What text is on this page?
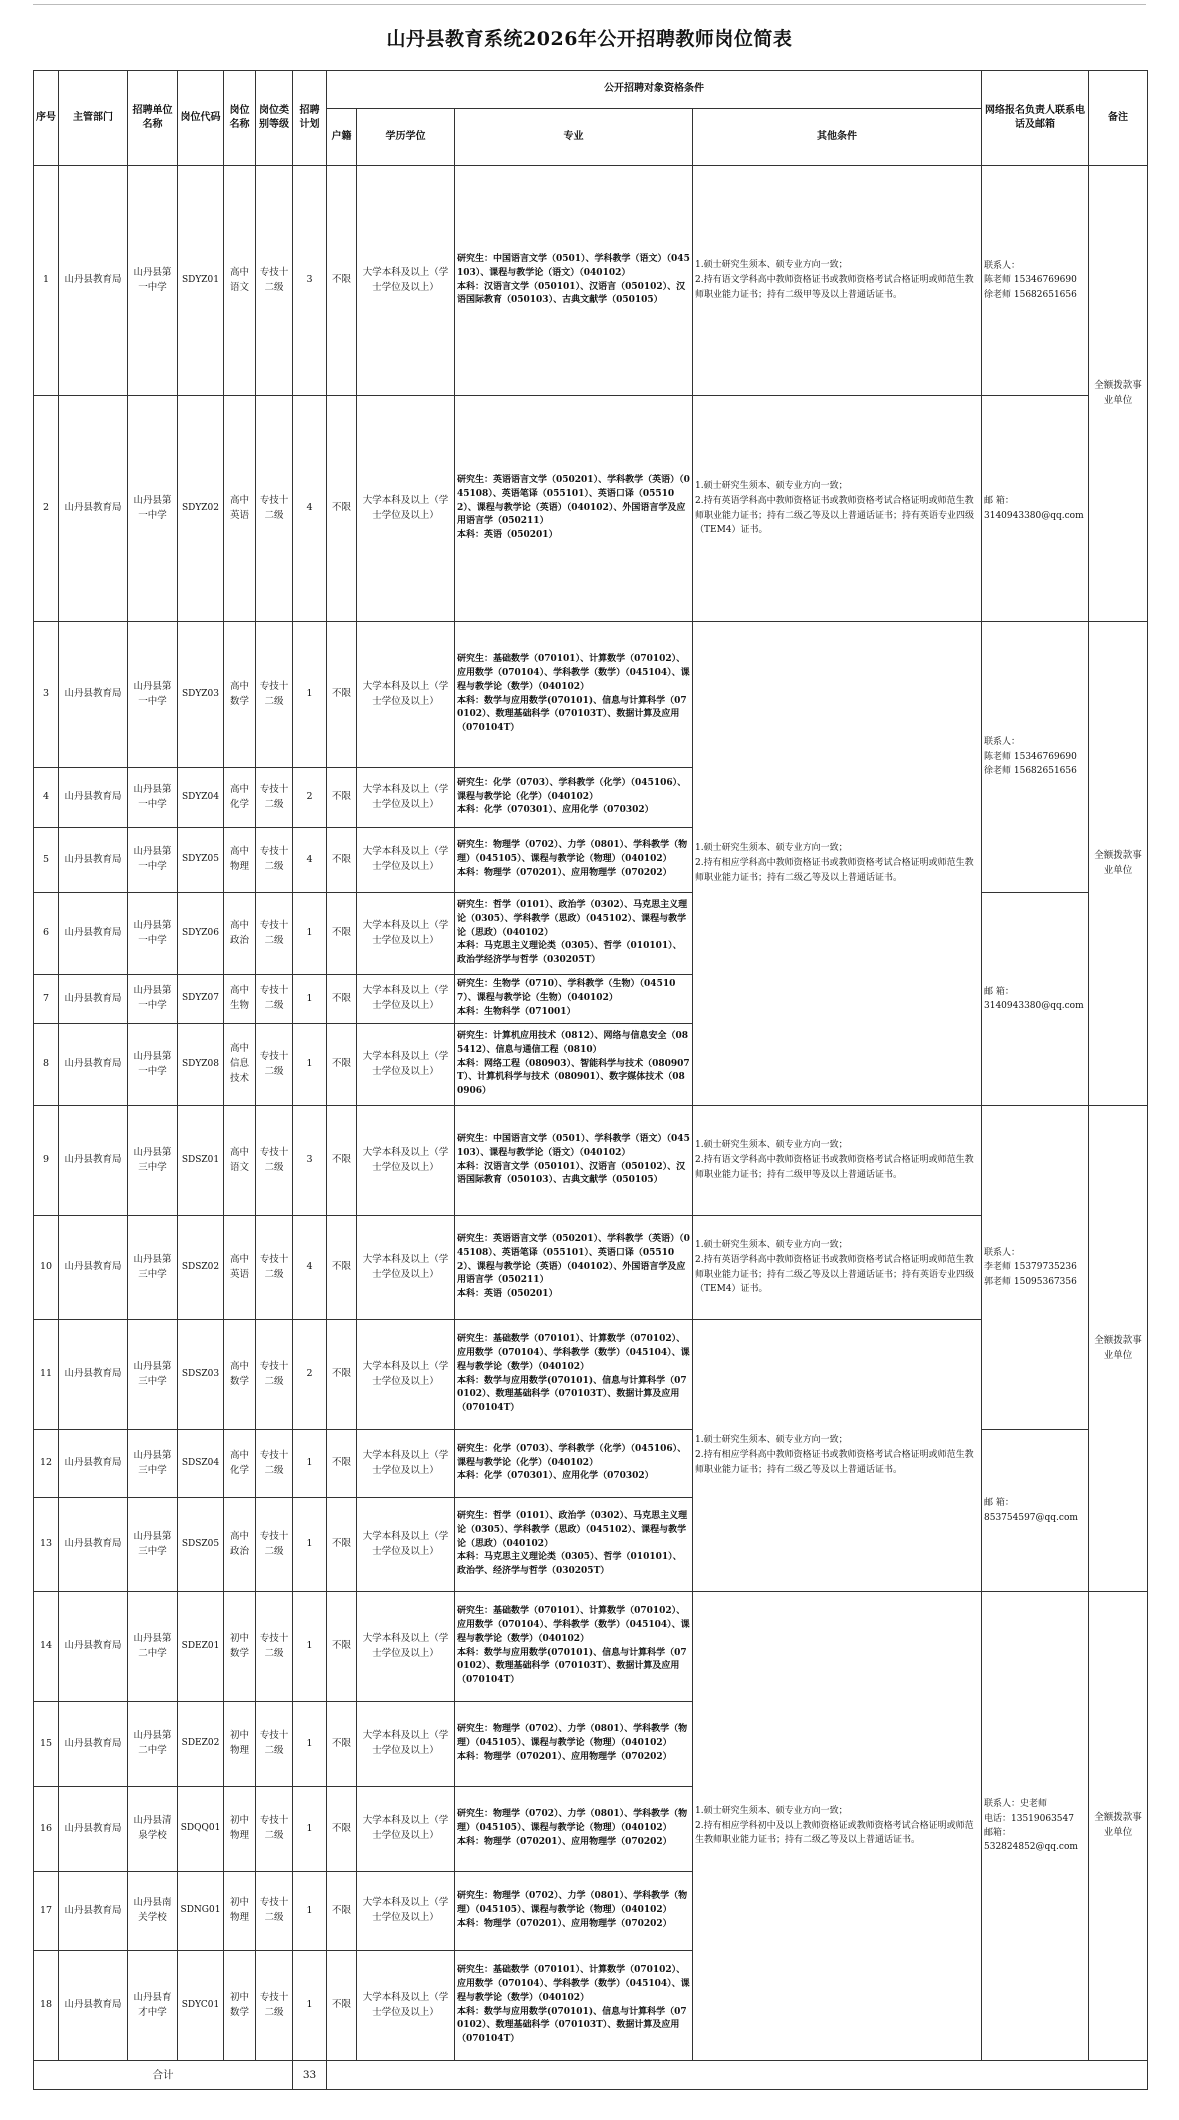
山丹县教育系统2026年公开招聘教师岗位简表
序号	主管部门	招聘单位名称	岗位代码	岗位名称	岗位类别等级	招聘计划	公开招聘对象资格条件				网络报名负责人联系电话及邮箱	备注
							户籍	学历学位	专业	其他条件		
1	山丹县教育局	山丹县第一中学	SDYZ01	高中语文	专技十二级	3	不限	大学本科及以上（学士学位及以上）	研究生：中国语言文学（0501）、学科教学（语文）（045103）、课程与教学论（语文）（040102）
本科：汉语言文学（050101）、汉语言（050102）、汉语国际教育（050103）、古典文献学（050105）	1.硕士研究生须本、硕专业方向一致；
2.持有语文学科高中教师资格证书或教师资格考试合格证明或师范生教师职业能力证书；持有二级甲等及以上普通话证书。	联系人：
陈老师 15346769690
徐老师 15682651656	全额拨款事业单位
2	山丹县教育局	山丹县第一中学	SDYZ02	高中英语	专技十二级	4	不限	大学本科及以上（学士学位及以上）	研究生：英语语言文学（050201）、学科教学（英语）（045108）、英语笔译（055101）、英语口译（055102）、课程与教学论（英语）（040102）、外国语言学及应用语言学（050211）
本科：英语（050201）	1.硕士研究生须本、硕专业方向一致；
2.持有英语学科高中教师资格证书或教师资格考试合格证明或师范生教师职业能力证书；持有二级乙等及以上普通话证书；持有英语专业四级（TEM4）证书。	邮 箱：
3140943380@qq.com	
3	山丹县教育局	山丹县第一中学	SDYZ03	高中数学	专技十二级	1	不限	大学本科及以上（学士学位及以上）	研究生：基础数学（070101）、计算数学（070102）、应用数学（070104）、学科教学（数学）（045104）、课程与教学论（数学）（040102）
本科：数学与应用数学(070101)、信息与计算科学（070102）、数理基础科学（070103T）、数据计算及应用（070104T）	1.硕士研究生须本、硕专业方向一致；
2.持有相应学科高中教师资格证书或教师资格考试合格证明或师范生教师职业能力证书；持有二级乙等及以上普通话证书。	联系人：
陈老师 15346769690
徐老师 15682651656	全额拨款事业单位
4	山丹县教育局	山丹县第一中学	SDYZ04	高中化学	专技十二级	2	不限	大学本科及以上（学士学位及以上）	研究生：化学（0703）、学科教学（化学）（045106）、课程与教学论（化学）（040102）
本科：化学（070301）、应用化学（070302）			
5	山丹县教育局	山丹县第一中学	SDYZ05	高中物理	专技十二级	4	不限	大学本科及以上（学士学位及以上）	研究生：物理学（0702）、力学（0801）、学科教学（物理）（045105）、课程与教学论（物理）（040102）
本科：物理学（070201）、应用物理学（070202）			
6	山丹县教育局	山丹县第一中学	SDYZ06	高中政治	专技十二级	1	不限	大学本科及以上（学士学位及以上）	研究生：哲学（0101）、政治学（0302）、马克思主义理论（0305）、学科教学（思政）（045102）、课程与教学论（思政）（040102）
本科：马克思主义理论类（0305）、哲学（010101）、政治学经济学与哲学（030205T）		邮 箱：
3140943380@qq.com	
7	山丹县教育局	山丹县第一中学	SDYZ07	高中生物	专技十二级	1	不限	大学本科及以上（学士学位及以上）	研究生：生物学（0710）、学科教学（生物）（045107）、课程与教学论（生物）（040102）
本科：生物科学（071001）			
8	山丹县教育局	山丹县第一中学	SDYZ08	高中信息技术	专技十二级	1	不限	大学本科及以上（学士学位及以上）	研究生：计算机应用技术（0812）、网络与信息安全（085412）、信息与通信工程（0810）
本科：网络工程（080903）、智能科学与技术（080907T）、计算机科学与技术（080901）、数字媒体技术（080906）			
9	山丹县教育局	山丹县第三中学	SDSZ01	高中语文	专技十二级	3	不限	大学本科及以上（学士学位及以上）	研究生：中国语言文学（0501）、学科教学（语文）（045103）、课程与教学论（语文）（040102）
本科：汉语言文学（050101）、汉语言（050102）、汉语国际教育（050103）、古典文献学（050105）	1.硕士研究生须本、硕专业方向一致；
2.持有语文学科高中教师资格证书或教师资格考试合格证明或师范生教师职业能力证书；持有二级甲等及以上普通话证书。	联系人：
李老师 15379735236
郭老师 15095367356	全额拨款事业单位
10	山丹县教育局	山丹县第三中学	SDSZ02	高中英语	专技十二级	4	不限	大学本科及以上（学士学位及以上）	研究生：英语语言文学（050201）、学科教学（英语）（045108）、英语笔译（055101）、英语口译（055102）、课程与教学论（英语）（040102）、外国语言学及应用语言学（050211）
本科：英语（050201）	1.硕士研究生须本、硕专业方向一致；
2.持有英语学科高中教师资格证书或教师资格考试合格证明或师范生教师职业能力证书；持有二级乙等及以上普通话证书；持有英语专业四级（TEM4）证书。		
11	山丹县教育局	山丹县第三中学	SDSZ03	高中数学	专技十二级	2	不限	大学本科及以上（学士学位及以上）	研究生：基础数学（070101）、计算数学（070102）、应用数学（070104）、学科教学（数学）（045104）、课程与教学论（数学）（040102）
本科：数学与应用数学(070101)、信息与计算科学（070102）、数理基础科学（070103T）、数据计算及应用（070104T）	1.硕士研究生须本、硕专业方向一致；
2.持有相应学科高中教师资格证书或教师资格考试合格证明或师范生教师职业能力证书；持有二级乙等及以上普通话证书。		
12	山丹县教育局	山丹县第三中学	SDSZ04	高中化学	专技十二级	1	不限	大学本科及以上（学士学位及以上）	研究生：化学（0703）、学科教学（化学）（045106）、课程与教学论（化学）（040102）
本科：化学（070301）、应用化学（070302）		邮 箱：
853754597@qq.com	
13	山丹县教育局	山丹县第三中学	SDSZ05	高中政治	专技十二级	1	不限	大学本科及以上（学士学位及以上）	研究生：哲学（0101）、政治学（0302）、马克思主义理论（0305）、学科教学（思政）（045102）、课程与教学论（思政）（040102）
本科：马克思主义理论类（0305）、哲学（010101）、政治学、经济学与哲学（030205T）			
14	山丹县教育局	山丹县第二中学	SDEZ01	初中数学	专技十二级	1	不限	大学本科及以上（学士学位及以上）	研究生：基础数学（070101）、计算数学（070102）、应用数学（070104）、学科教学（数学）（045104）、课程与教学论（数学）（040102）
本科：数学与应用数学(070101)、信息与计算科学（070102）、数理基础科学（070103T）、数据计算及应用（070104T）	1.硕士研究生须本、硕专业方向一致；
2.持有相应学科初中及以上教师资格证或教师资格考试合格证明或师范生教师职业能力证书；持有二级乙等及以上普通话证书。	联系人：史老师
电话：13519063547
邮箱：
532824852@qq.com	全额拨款事业单位
15	山丹县教育局	山丹县第二中学	SDEZ02	初中物理	专技十二级	1	不限	大学本科及以上（学士学位及以上）	研究生：物理学（0702）、力学（0801）、学科教学（物理）（045105）、课程与教学论（物理）（040102）
本科：物理学（070201）、应用物理学（070202）			
16	山丹县教育局	山丹县清泉学校	SDQQ01	初中物理	专技十二级	1	不限	大学本科及以上（学士学位及以上）	研究生：物理学（0702）、力学（0801）、学科教学（物理）（045105）、课程与教学论（物理）（040102）
本科：物理学（070201）、应用物理学（070202）			
17	山丹县教育局	山丹县南关学校	SDNG01	初中物理	专技十二级	1	不限	大学本科及以上（学士学位及以上）	研究生：物理学（0702）、力学（0801）、学科教学（物理）（045105）、课程与教学论（物理）（040102）
本科：物理学（070201）、应用物理学（070202）			
18	山丹县教育局	山丹县育才中学	SDYC01	初中数学	专技十二级	1	不限	大学本科及以上（学士学位及以上）	研究生：基础数学（070101）、计算数学（070102）、应用数学（070104）、学科教学（数学）（045104）、课程与教学论（数学）（040102）
本科：数学与应用数学(070101)、信息与计算科学（070102）、数理基础科学（070103T）、数据计算及应用（070104T）			
合计						33						
